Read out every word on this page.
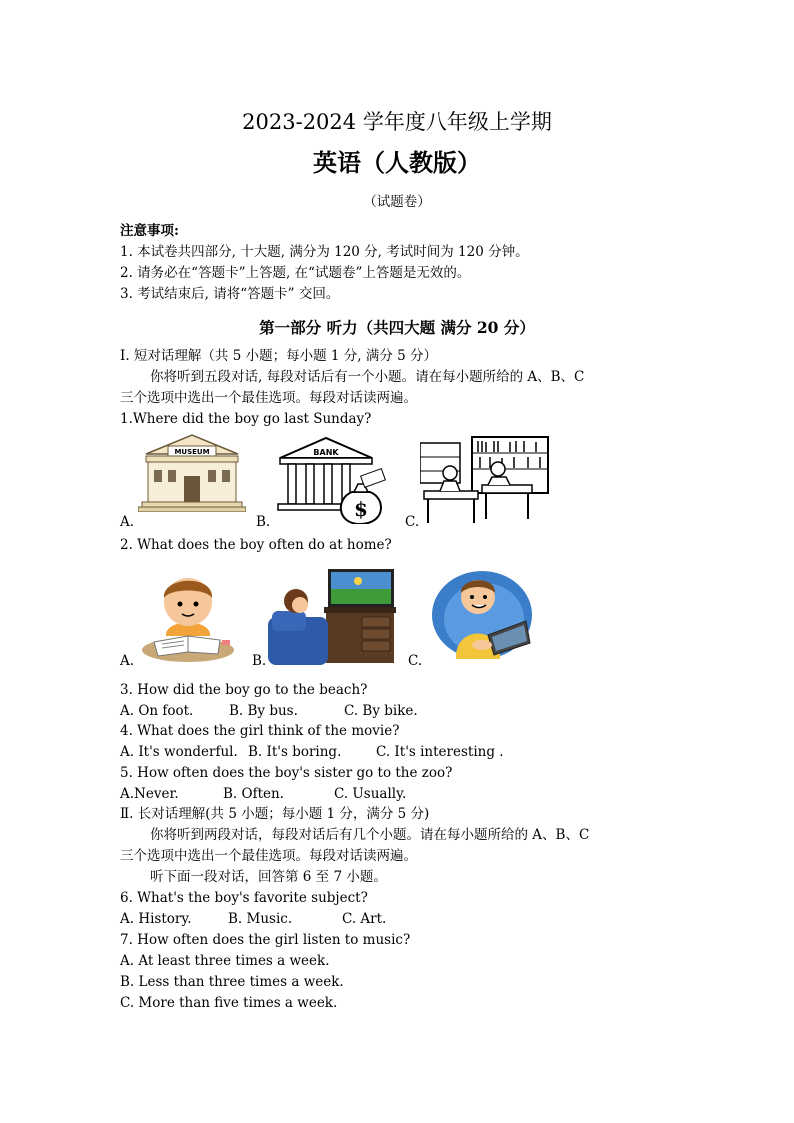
2023-2024 学年度八年级上学期
英语（人教版）
（试题卷）
注意事项:
1. 本试卷共四部分, 十大题, 满分为 120 分, 考试时间为 120 分钟。
2. 请务必在“答题卡”上答题, 在“试题卷”上答题是无效的。
3. 考试结束后, 请将“答题卡” 交回。
第一部分 听力（共四大题 满分 20 分）
I. 短对话理解（共 5 小题；每小题 1 分, 满分 5 分）
你将听到五段对话, 每段对话后有一个小题。请在每小题所给的 A、B、C
三个选项中选出一个最佳选项。每段对话读两遍。
1.Where did the boy go last Sunday?
MUSEUM
A.
BANK
$
B.	C.
2. What does the boy often do at home?
A.	B.	C.
3. How did the boy go to the beach?
A. On foot.	B. By bus.	C. By bike.
4. What does the girl think of the movie?
A. It's wonderful. B. It's boring.	C. It's interesting .
5. How often does the boy's sister go to the zoo?
A.Never.	B. Often.	C. Usually.
Ⅱ. 长对话理解(共 5 小题；每小题 1 分，满分 5 分)
你将听到两段对话，每段对话后有几个小题。请在每小题所给的 A、B、C
三个选项中选出一个最佳选项。每段对话读两遍。
听下面一段对话，回答第 6 至 7 小题。
6. What's the boy's favorite subject?
A. History.	B. Music.	C. Art.
7. How often does the girl listen to music?
A. At least three times a week.
B. Less than three times a week.
C. More than five times a week.
